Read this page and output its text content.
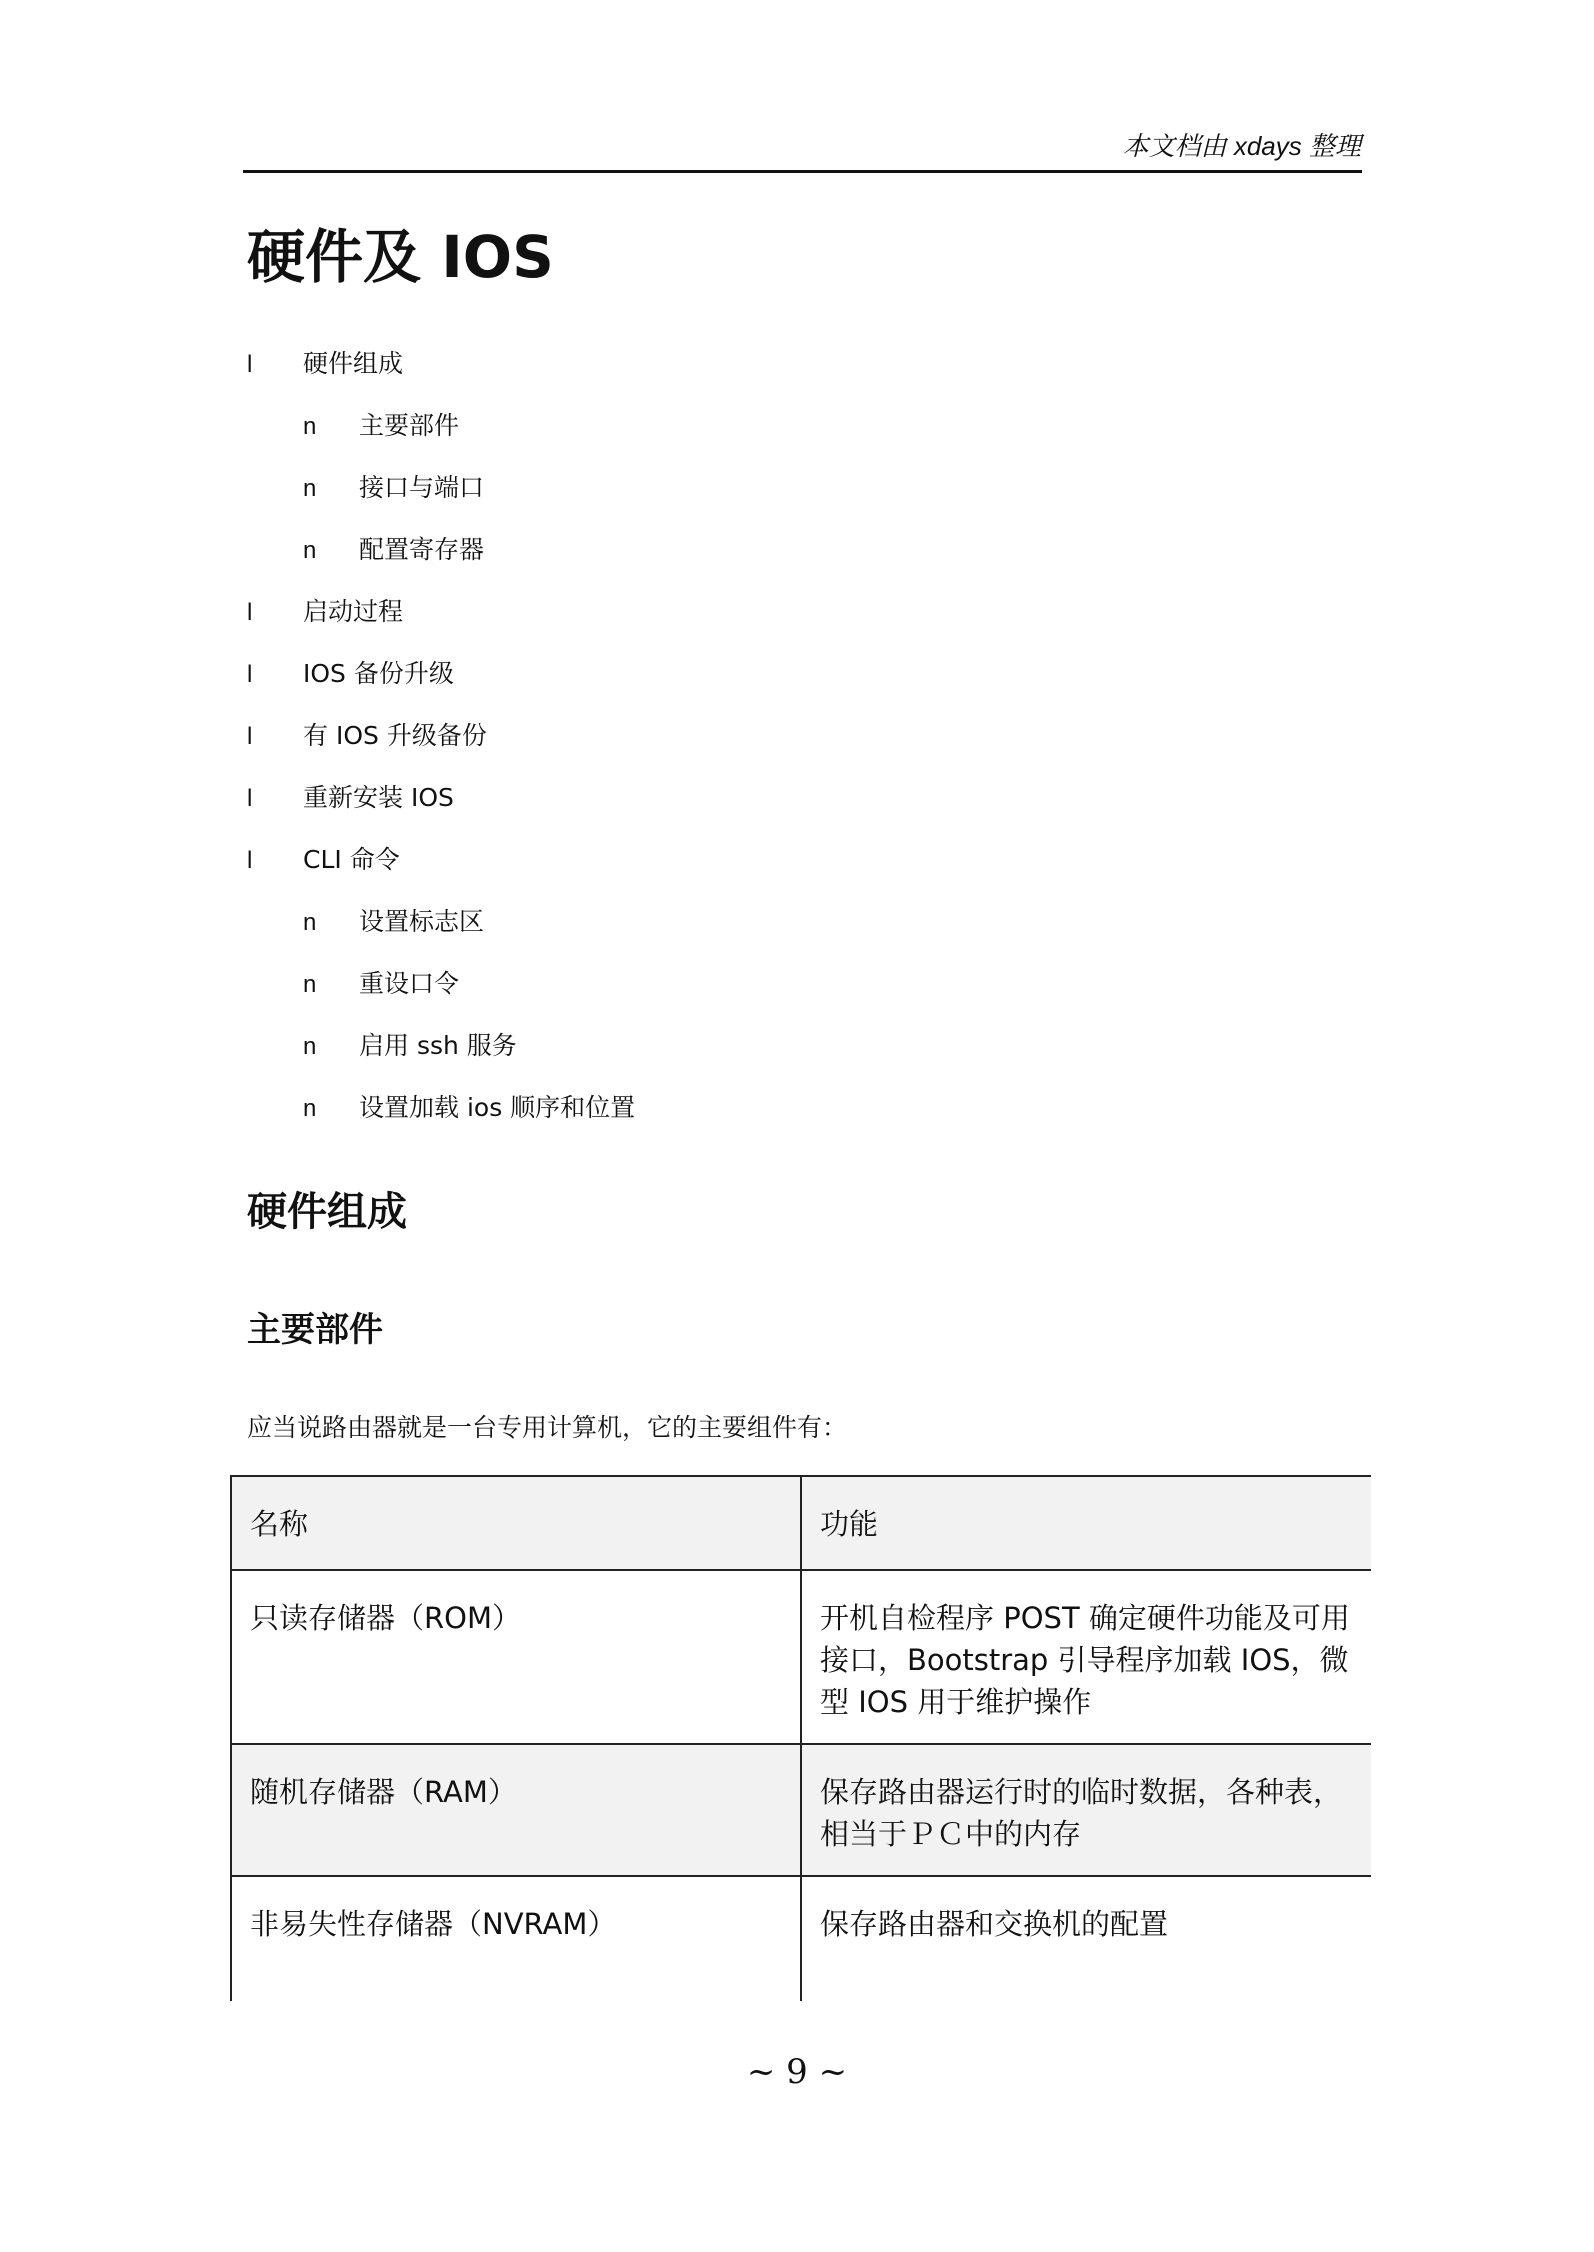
本文档由 xdays 整理
硬件及 IOS
l	硬件组成
n	主要部件
n	接口与端口
n	配置寄存器
l	启动过程
l	IOS 备份升级
l	有 IOS 升级备份
l	重新安装 IOS
l	CLI 命令
n	设置标志区
n	重设口令
n	启用 ssh 服务
n	设置加载 ios 顺序和位置
硬件组成
主要部件

应当说路由器就是一台专用计算机，它的主要组件有：

名称	功能
只读存储器（ROM）	开机自检程序 POST 确定硬件功能及可用接口，Bootstrap 引导程序加载 IOS，微型 IOS 用于维护操作
随机存储器（RAM）	保存路由器运行时的临时数据，各种表，相当于ＰＣ中的内存
非易失性存储器（NVRAM）	保存路由器和交换机的配置
~ 9 ~
